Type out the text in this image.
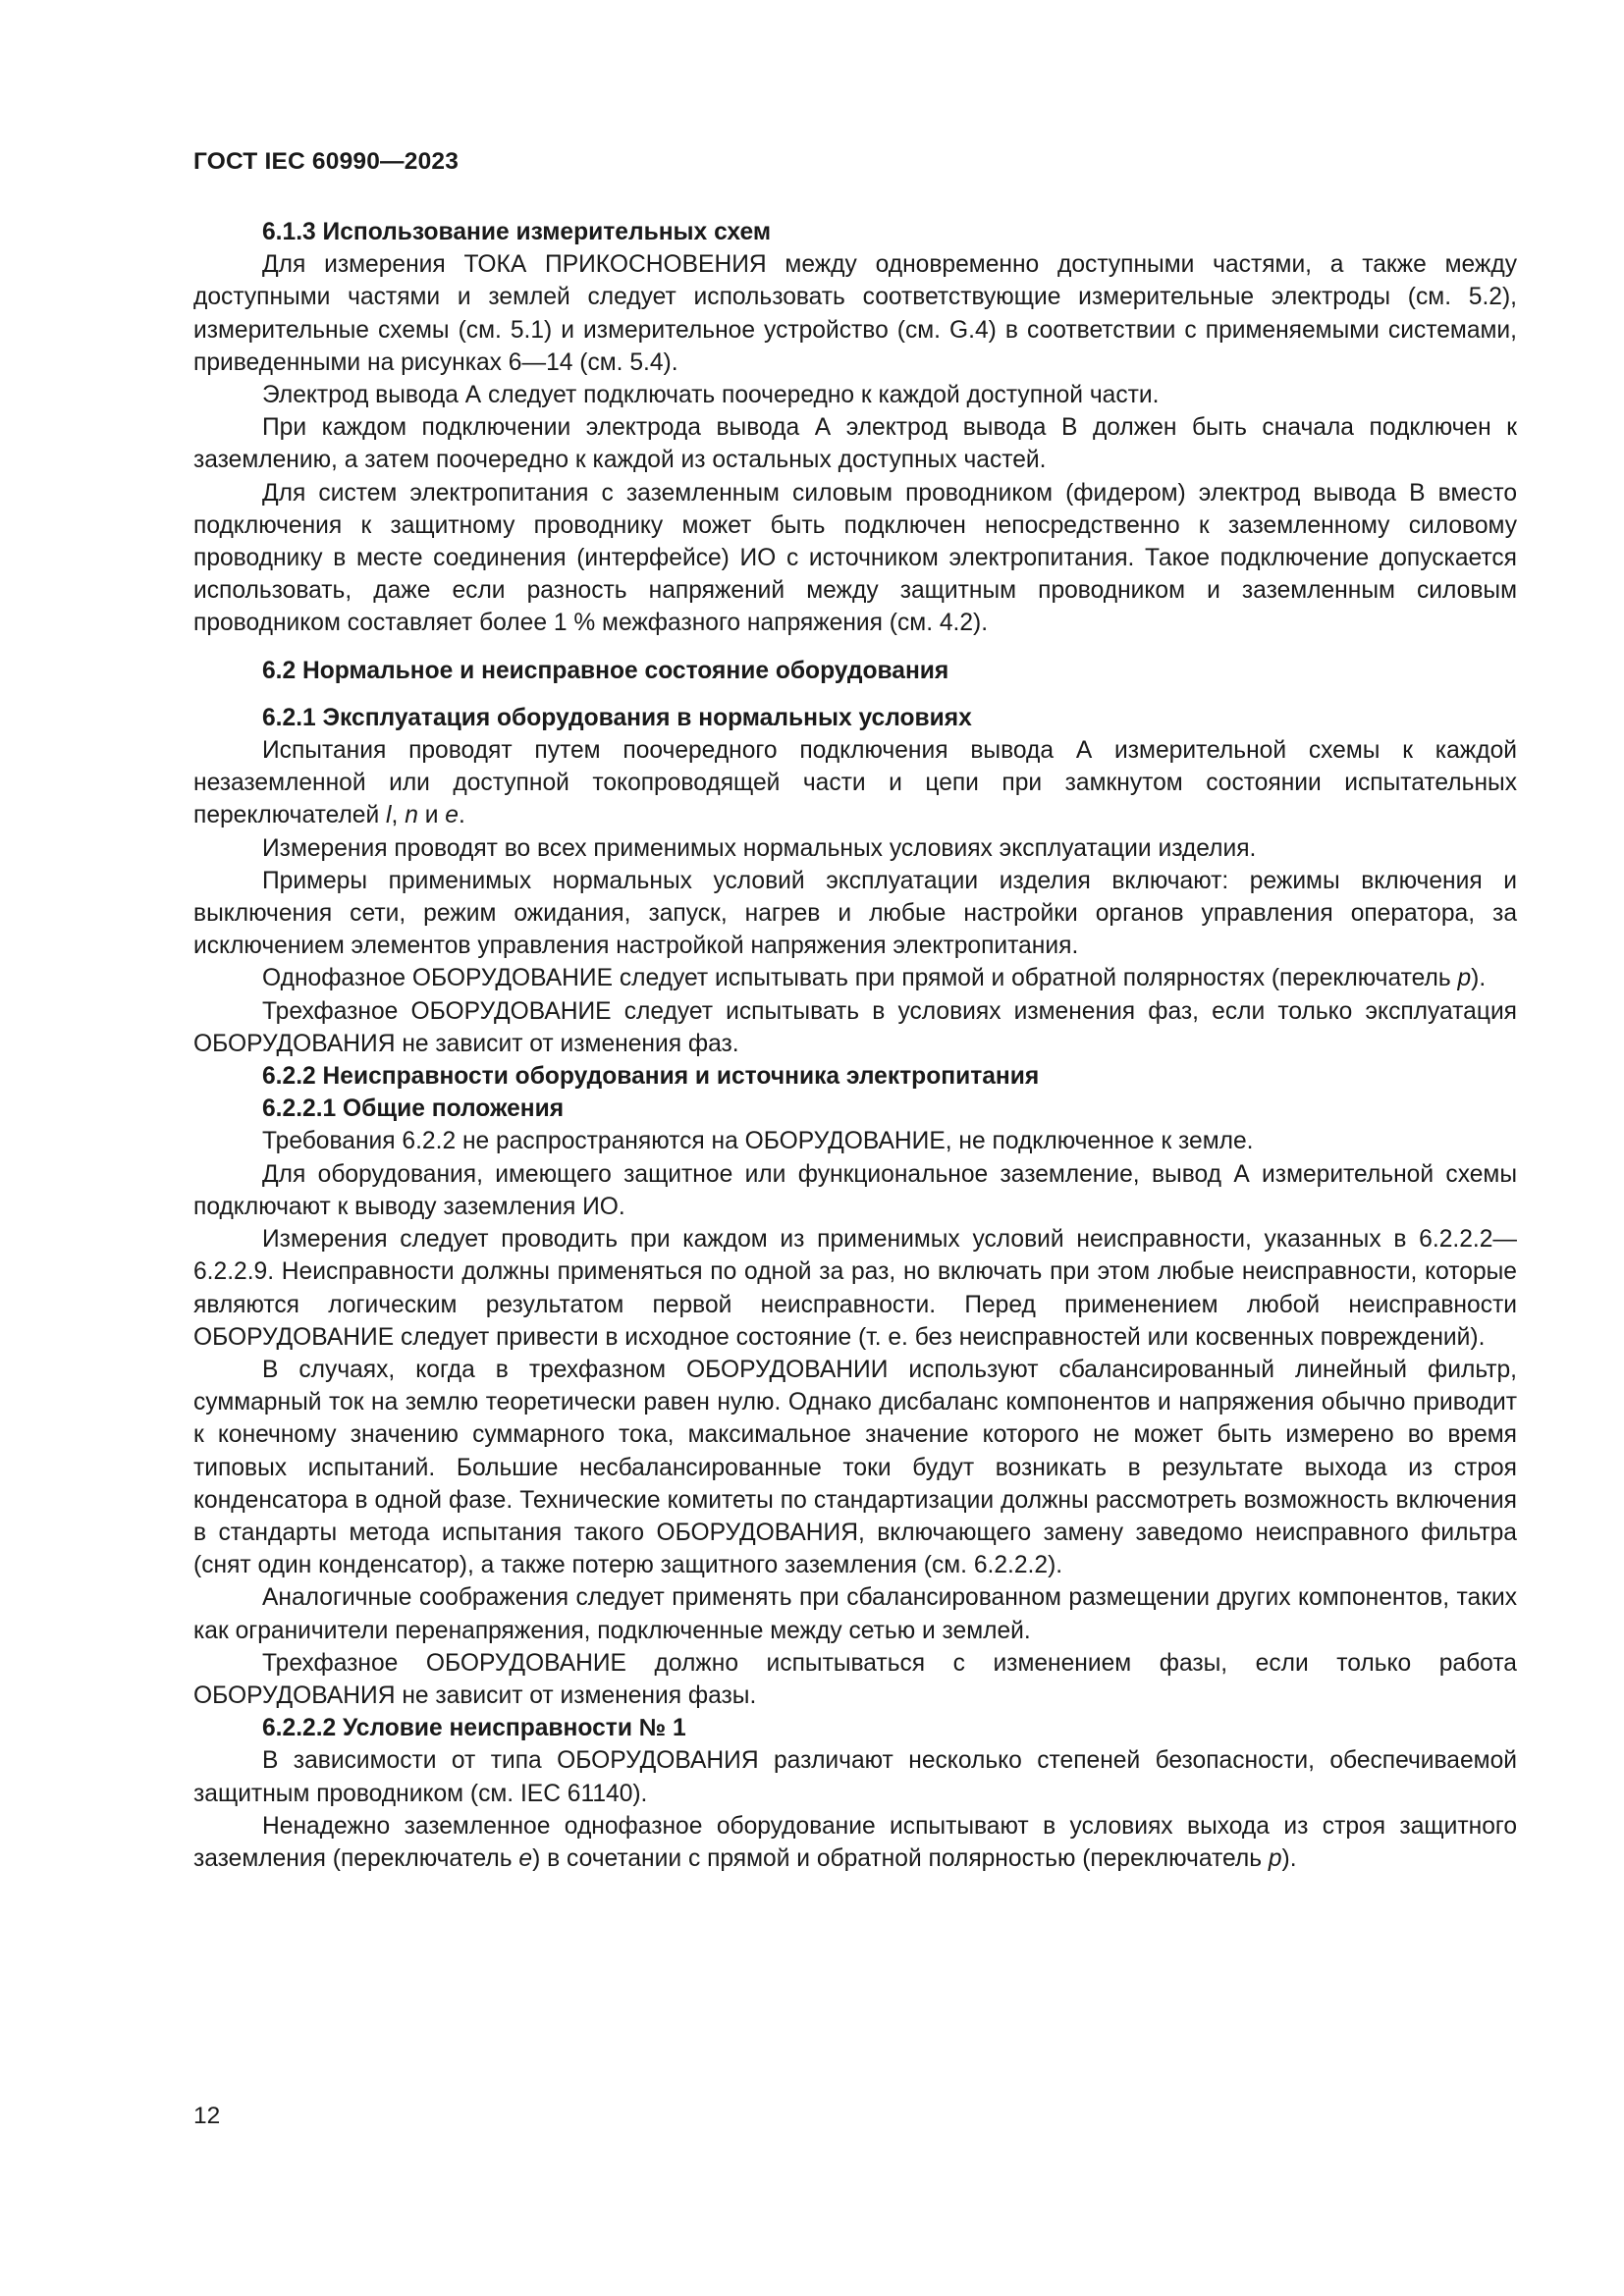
ГОСТ IEC 60990—2023
6.1.3 Использование измерительных схем

Для измерения ТОКА ПРИКОСНОВЕНИЯ между одновременно доступными частями, а также между доступными частями и землей следует использовать соответствующие измерительные электроды (см. 5.2), измерительные схемы (см. 5.1) и измерительное устройство (см. G.4) в соответствии с применяемыми системами, приведенными на рисунках 6—14 (см. 5.4).

Электрод вывода А следует подключать поочередно к каждой доступной части.

При каждом подключении электрода вывода А электрод вывода В должен быть сначала подключен к заземлению, а затем поочередно к каждой из остальных доступных частей.

Для систем электропитания с заземленным силовым проводником (фидером) электрод вывода В вместо подключения к защитному проводнику может быть подключен непосредственно к заземленному силовому проводнику в месте соединения (интерфейсе) ИО с источником электропитания. Такое подключение допускается использовать, даже если разность напряжений между защитным проводником и заземленным силовым проводником составляет более 1 % межфазного напряжения (см. 4.2).

6.2 Нормальное и неисправное состояние оборудования
6.2.1 Эксплуатация оборудования в нормальных условиях

Испытания проводят путем поочередного подключения вывода А измерительной схемы к каждой незаземленной или доступной токопроводящей части и цепи при замкнутом состоянии испытательных переключателей l, n и e.

Измерения проводят во всех применимых нормальных условиях эксплуатации изделия.

Примеры применимых нормальных условий эксплуатации изделия включают: режимы включения и выключения сети, режим ожидания, запуск, нагрев и любые настройки органов управления оператора, за исключением элементов управления настройкой напряжения электропитания.

Однофазное ОБОРУДОВАНИЕ следует испытывать при прямой и обратной полярностях (переключатель p).

Трехфазное ОБОРУДОВАНИЕ следует испытывать в условиях изменения фаз, если только эксплуатация ОБОРУДОВАНИЯ не зависит от изменения фаз.

6.2.2 Неисправности оборудования и источника электропитания
6.2.2.1 Общие положения

Требования 6.2.2 не распространяются на ОБОРУДОВАНИЕ, не подключенное к земле.

Для оборудования, имеющего защитное или функциональное заземление, вывод А измерительной схемы подключают к выводу заземления ИО.

Измерения следует проводить при каждом из применимых условий неисправности, указанных в 6.2.2.2—6.2.2.9. Неисправности должны применяться по одной за раз, но включать при этом любые неисправности, которые являются логическим результатом первой неисправности. Перед применением любой неисправности ОБОРУДОВАНИЕ следует привести в исходное состояние (т. е. без неисправностей или косвенных повреждений).

В случаях, когда в трехфазном ОБОРУДОВАНИИ используют сбалансированный линейный фильтр, суммарный ток на землю теоретически равен нулю. Однако дисбаланс компонентов и напряжения обычно приводит к конечному значению суммарного тока, максимальное значение которого не может быть измерено во время типовых испытаний. Большие несбалансированные токи будут возникать в результате выхода из строя конденсатора в одной фазе. Технические комитеты по стандартизации должны рассмотреть возможность включения в стандарты метода испытания такого ОБОРУДОВАНИЯ, включающего замену заведомо неисправного фильтра (снят один конденсатор), а также потерю защитного заземления (см. 6.2.2.2).

Аналогичные соображения следует применять при сбалансированном размещении других компонентов, таких как ограничители перенапряжения, подключенные между сетью и землей.

Трехфазное ОБОРУДОВАНИЕ должно испытываться с изменением фазы, если только работа ОБОРУДОВАНИЯ не зависит от изменения фазы.

6.2.2.2 Условие неисправности № 1

В зависимости от типа ОБОРУДОВАНИЯ различают несколько степеней безопасности, обеспечиваемой защитным проводником (см. IEC 61140).

Ненадежно заземленное однофазное оборудование испытывают в условиях выхода из строя защитного заземления (переключатель e) в сочетании с прямой и обратной полярностью (переключатель p).

12
